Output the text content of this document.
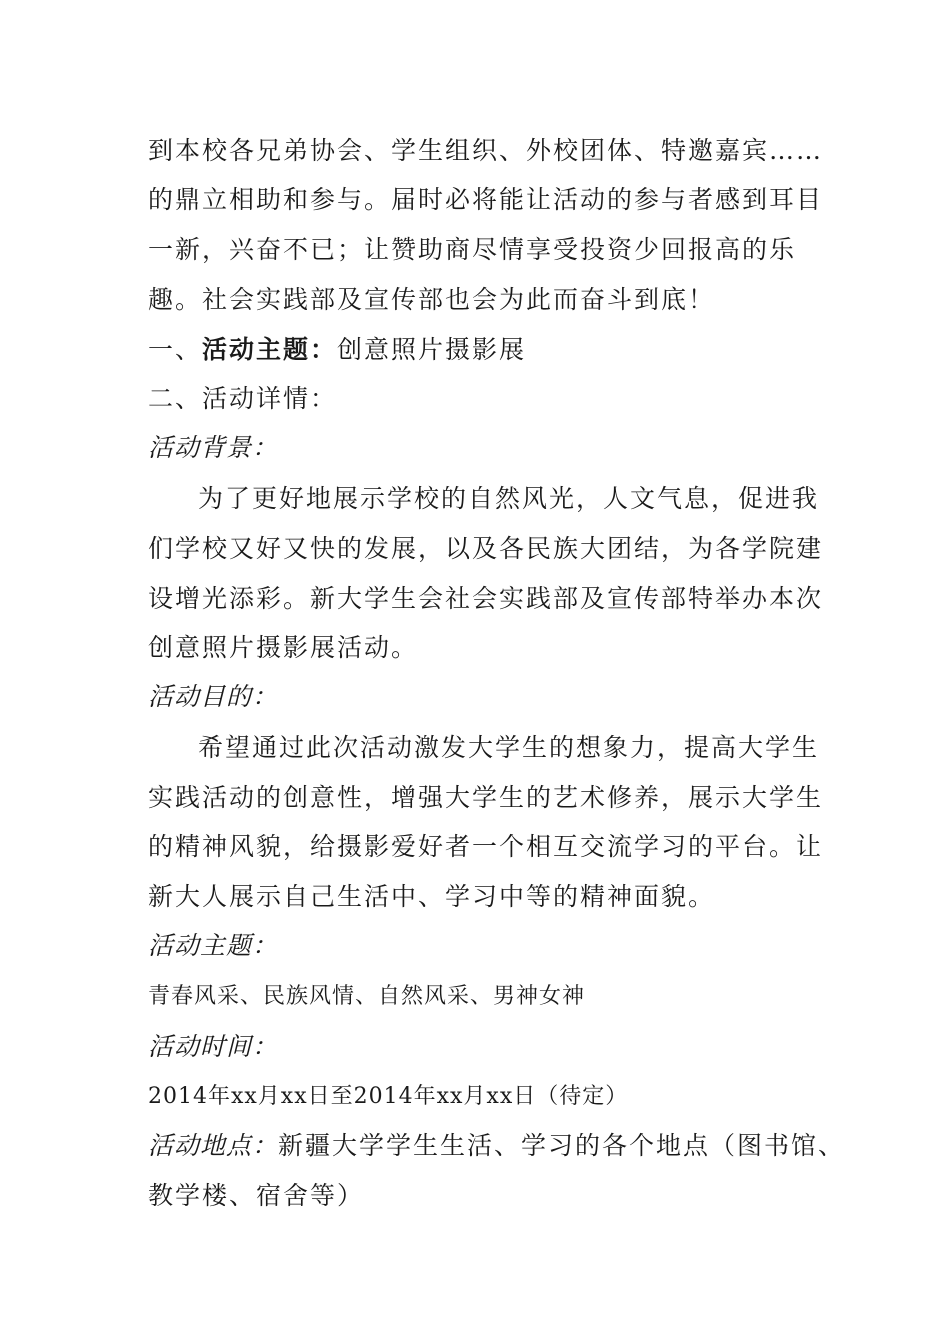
到本校各兄弟协会、学生组织、外校团体、特邀嘉宾……
的鼎立相助和参与。届时必将能让活动的参与者感到耳目
一新，兴奋不已；让赞助商尽情享受投资少回报高的乐
趣。社会实践部及宣传部也会为此而奋斗到底！
一、活动主题：创意照片摄影展
二、活动详情：
活动背景：
为了更好地展示学校的自然风光，人文气息，促进我
们学校又好又快的发展，以及各民族大团结，为各学院建
设增光添彩。新大学生会社会实践部及宣传部特举办本次
创意照片摄影展活动。
活动目的：
希望通过此次活动激发大学生的想象力，提高大学生
实践活动的创意性，增强大学生的艺术修养，展示大学生
的精神风貌，给摄影爱好者一个相互交流学习的平台。让
新大人展示自己生活中、学习中等的精神面貌。
活动主题：
青春风采、民族风情、自然风采、男神女神
活动时间：
2014年xx月xx日至2014年xx月xx日（待定）
活动地点：新疆大学学生生活、学习的各个地点（图书馆、
教学楼、宿舍等）
